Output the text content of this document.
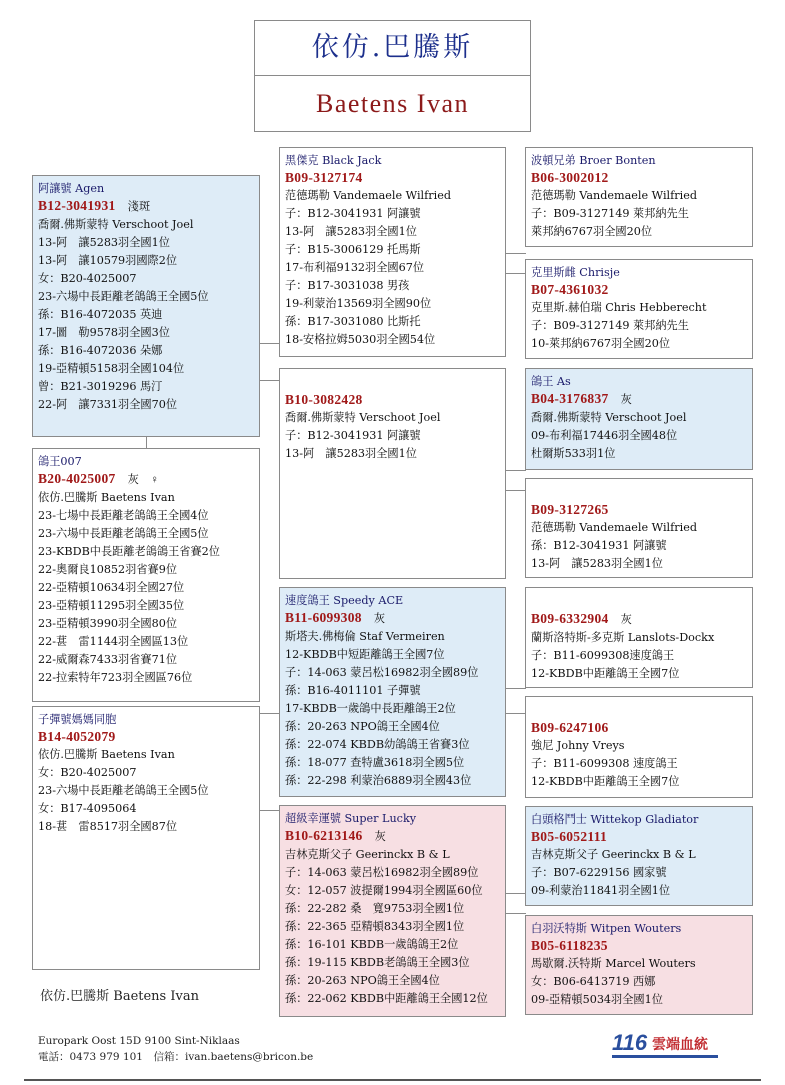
依仿.巴騰斯
Baetens Ivan
阿讓號 Agen
B12-3041931 淺斑
喬爾.佛斯蒙特 Verschoot Joel
13-阿　讓5283羽全國1位
13-阿　讓10579羽國際2位
女：B20-4025007
23-六場中長距離老鴿鴿王全國5位
孫：B16-4072035 英迪
17-圖　勒9578羽全國3位
孫：B16-4072036 朵娜
19-亞精頓5158羽全國104位
曾：B21-3019296 馬汀
22-阿　讓7331羽全國70位
鴿王007
B20-4025007 灰　♀
依仿.巴騰斯 Baetens Ivan
23-七場中長距離老鴿鴿王全國4位
23-六場中長距離老鴿鴿王全國5位
23-KBDB中長距離老鴿鴿王省賽2位
22-奧爾良10852羽省賽9位
22-亞精頓10634羽全國27位
23-亞精頓11295羽全國35位
23-亞精頓3990羽全國80位
22-葚　雷1144羽全國區13位
22-威爾森7433羽省賽71位
22-拉索特年723羽全國區76位
子彈號媽媽同胞
B14-4052079
依仿.巴騰斯 Baetens Ivan
女：B20-4025007
23-六場中長距離老鴿鴿王全國5位
女：B17-4095064
18-葚　雷8517羽全國87位
黑傑克 Black Jack
B09-3127174
范德瑪勒 Vandemaele Wilfried
子：B12-3041931 阿讓號
13-阿　讓5283羽全國1位
子：B15-3006129 托馬斯
17-布利福9132羽全國67位
子：B17-3031038 男孩
19-利蒙治13569羽全國90位
孫：B17-3031080 比斯托
18-安格拉姆5030羽全國54位
B10-3082428
喬爾.佛斯蒙特 Verschoot Joel
子：B12-3041931 阿讓號
13-阿　讓5283羽全國1位
速度鴿王 Speedy ACE
B11-6099308 灰
斯塔夫.佛梅倫 Staf Vermeiren
12-KBDB中短距離鴿王全國7位
子：14-063 蒙呂松16982羽全國89位
孫：B16-4011101 子彈號
17-KBDB一歲鴿中長距離鴿王2位
孫：20-263 NPO鴿王全國4位
孫：22-074 KBDB幼鴿鴿王省賽3位
孫：18-077 查特盧3618羽全國5位
孫：22-298 利蒙治6889羽全國43位
超級幸運號 Super Lucky
B10-6213146 灰
吉林克斯父子 Geerinckx B & L
子：14-063 蒙呂松16982羽全國89位
女：12-057 波提爾1994羽全國區60位
孫：22-282 桑　寬9753羽全國1位
孫：22-365 亞精頓8343羽全國1位
孫：16-101 KBDB一歲鴿鴿王2位
孫：19-115 KBDB老鴿鴿王全國3位
孫：20-263 NPO鴿王全國4位
孫：22-062 KBDB中距離鴿王全國12位
波頓兄弟 Broer Bonten
B06-3002012
范德瑪勒 Vandemaele Wilfried
子：B09-3127149 萊邦納先生
萊邦納6767羽全國20位
克里斯雌 Chrisje
B07-4361032
克里斯.赫伯瑞 Chris Hebberecht
子：B09-3127149 萊邦納先生
10-萊邦納6767羽全國20位
鴿王 As
B04-3176837 灰
喬爾.佛斯蒙特 Verschoot Joel
09-布利福17446羽全國48位
杜爾斯533羽1位
B09-3127265
范德瑪勒 Vandemaele Wilfried
孫：B12-3041931 阿讓號
13-阿　讓5283羽全國1位
B09-6332904 灰
蘭斯洛特斯-多克斯 Lanslots-Dockx
子：B11-6099308速度鴿王
12-KBDB中距離鴿王全國7位
B09-6247106
強尼 Johny Vreys
子：B11-6099308 速度鴿王
12-KBDB中距離鴿王全國7位
白頭格鬥士 Wittekop Gladiator
B05-6052111
吉林克斯父子 Geerinckx B & L
子：B07-6229156 國家號
09-利蒙治11841羽全國1位
白羽沃特斯 Witpen Wouters
B05-6118235
馬歇爾.沃特斯 Marcel Wouters
女：B06-6413719 西娜
09-亞精頓5034羽全國1位
依仿.巴騰斯 Baetens Ivan
Europark Oost 15D 9100 Sint-Niklaas
電話：0473 979 101　信箱：ivan.baetens@bricon.be
116 雲端血統
